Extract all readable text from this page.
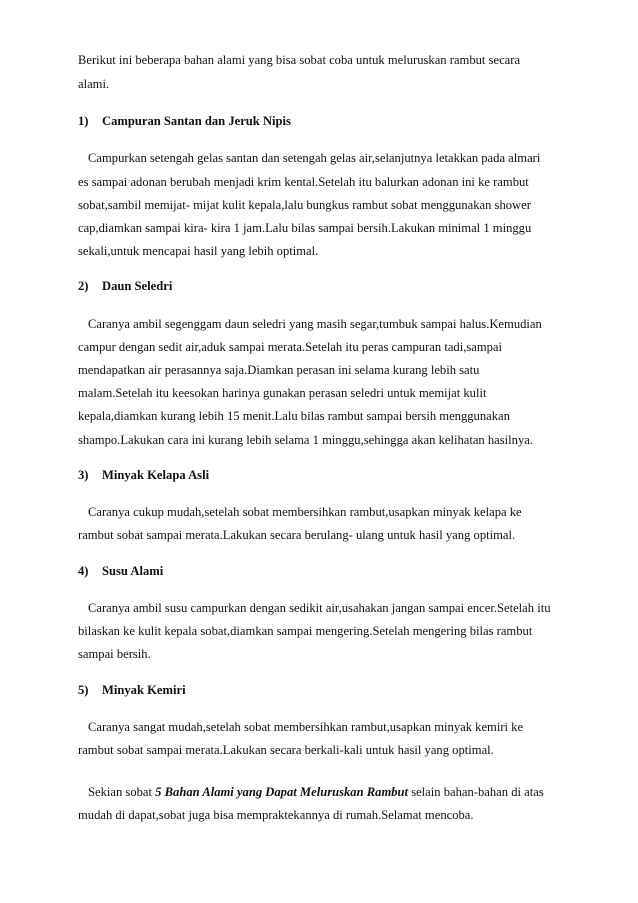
Berikut ini beberapa bahan alami yang bisa sobat coba untuk meluruskan rambut secara
alami.
1) Campuran Santan dan Jeruk Nipis
Campurkan setengah gelas santan dan setengah gelas air,selanjutnya letakkan pada almari
es sampai adonan berubah menjadi krim kental.Setelah itu balurkan adonan ini ke rambut
sobat,sambil memijat- mijat kulit kepala,lalu bungkus rambut sobat menggunakan shower
cap,diamkan sampai kira- kira 1 jam.Lalu bilas sampai bersih.Lakukan minimal 1 minggu
sekali,untuk mencapai hasil yang lebih optimal.
2) Daun Seledri
Caranya ambil segenggam daun seledri yang masih segar,tumbuk sampai halus.Kemudian
campur dengan sedit air,aduk sampai merata.Setelah itu peras campuran tadi,sampai
mendapatkan air perasannya saja.Diamkan perasan ini selama kurang lebih satu
malam.Setelah itu keesokan harinya gunakan perasan seledri untuk memijat kulit
kepala,diamkan kurang lebih 15 menit.Lalu bilas rambut sampai bersih menggunakan
shampo.Lakukan cara ini kurang lebih selama 1 minggu,sehingga akan kelihatan hasilnya.
3) Minyak Kelapa Asli
Caranya cukup mudah,setelah sobat membersihkan rambut,usapkan minyak kelapa ke
rambut sobat sampai merata.Lakukan secara berulang- ulang untuk hasil yang optimal.
4) Susu Alami
Caranya ambil susu campurkan dengan sedikit air,usahakan jangan sampai encer.Setelah itu
bilaskan ke kulit kepala sobat,diamkan sampai mengering.Setelah mengering bilas rambut
sampai bersih.
5) Minyak Kemiri
Caranya sangat mudah,setelah sobat membersihkan rambut,usapkan minyak kemiri ke
rambut sobat sampai merata.Lakukan secara berkali-kali untuk hasil yang optimal.
Sekian sobat 5 Bahan Alami yang Dapat Meluruskan Rambut selain bahan-bahan di atas
mudah di dapat,sobat juga bisa mempraktekannya di rumah.Selamat mencoba.
